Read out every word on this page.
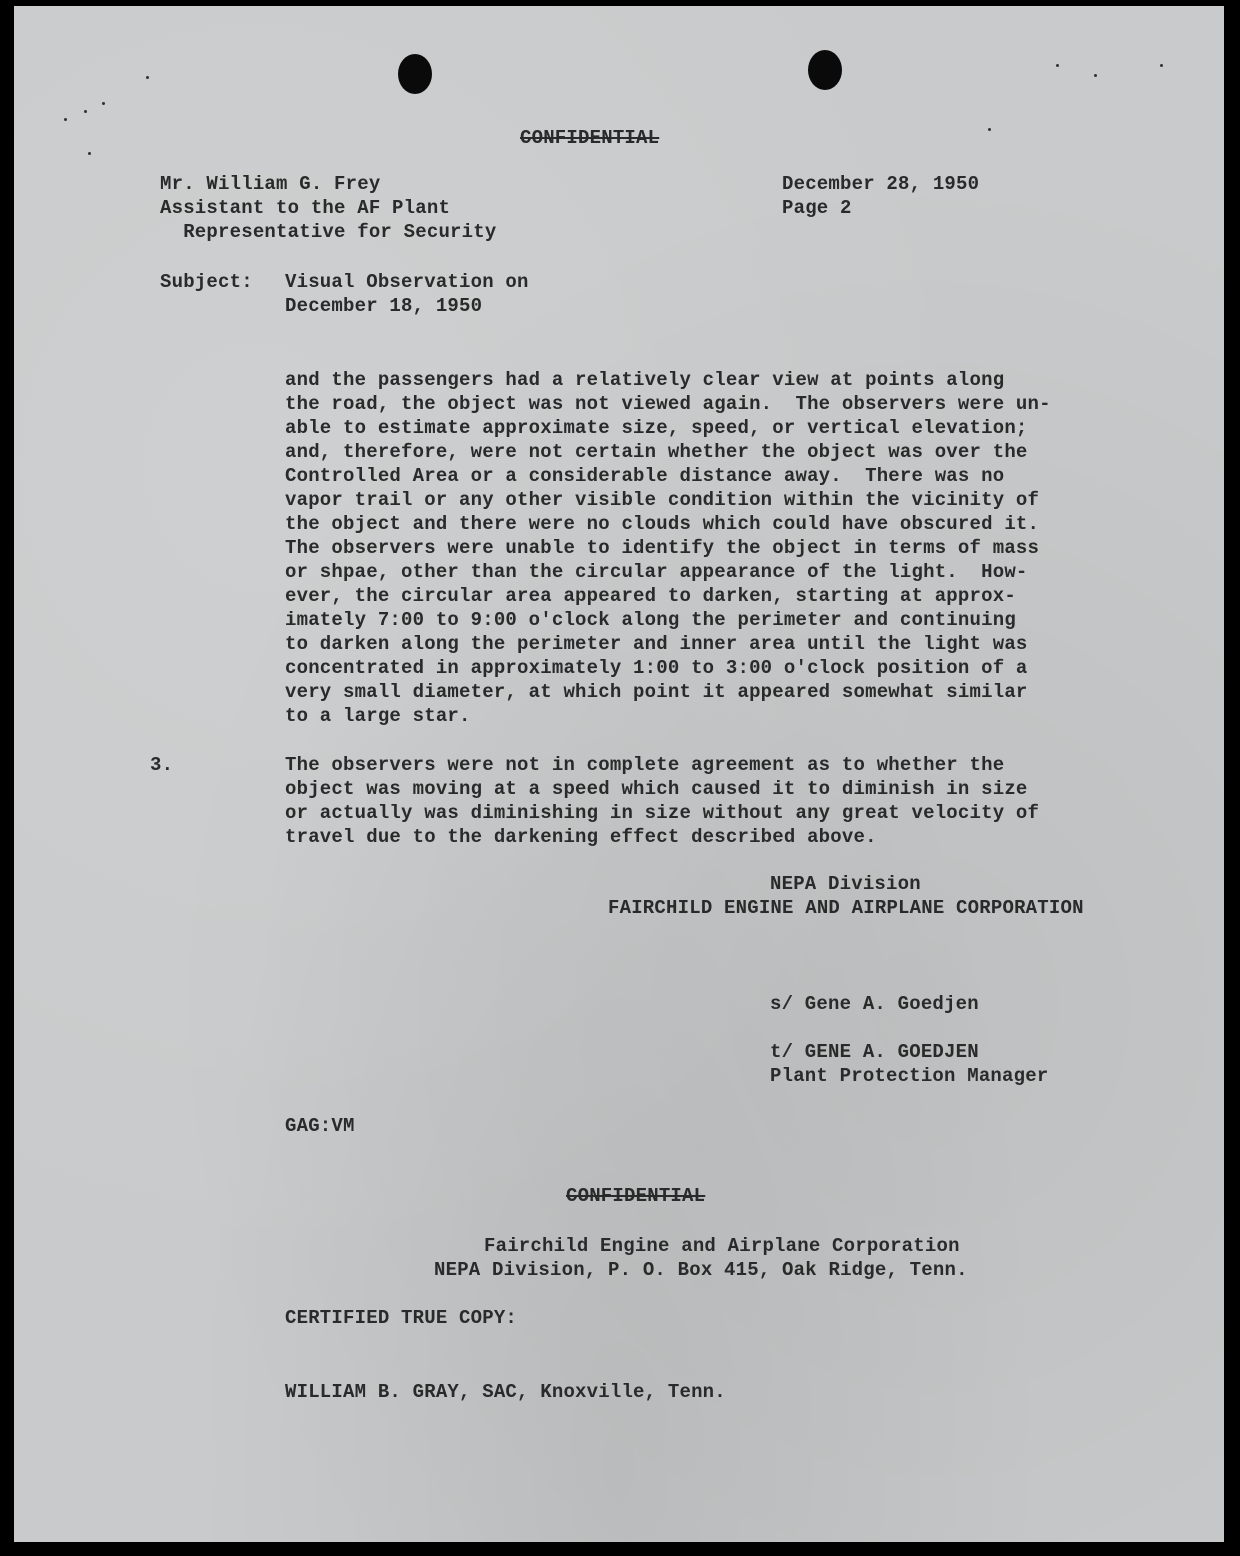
CONFIDENTIAL

Mr. William G. Frey
Assistant to the AF Plant
Representative for Security
December 28, 1950
Page 2

Subject: Visual Observation on
December 18, 1950
and the passengers had a relatively clear view at points along
the road, the object was not viewed again.  The observers were un-
able to estimate approximate size, speed, or vertical elevation;
and, therefore, were not certain whether the object was over the
Controlled Area or a considerable distance away.  There was no
vapor trail or any other visible condition within the vicinity of
the object and there were no clouds which could have obscured it.
The observers were unable to identify the object in terms of mass
or shpae, other than the circular appearance of the light.  How-
ever, the circular area appeared to darken, starting at approx-
imately 7:00 to 9:00 o'clock along the perimeter and continuing
to darken along the perimeter and inner area until the light was
concentrated in approximately 1:00 to 3:00 o'clock position of a
very small diameter, at which point it appeared somewhat similar
to a large star.

3.	The observers were not in complete agreement as to whether the
object was moving at a speed which caused it to diminish in size
or actually was diminishing in size without any great velocity of
travel due to the darkening effect described above.

NEPA Division

FAIRCHILD ENGINE AND AIRPLANE CORPORATION

s/ Gene A. Goedjen

t/ GENE A. GOEDJEN
Plant Protection Manager

GAG:VM

CONFIDENTIAL

Fairchild Engine and Airplane Corporation

NEPA Division, P. O. Box 415, Oak Ridge, Tenn.

CERTIFIED TRUE COPY:

WILLIAM B. GRAY, SAC, Knoxville, Tenn.
